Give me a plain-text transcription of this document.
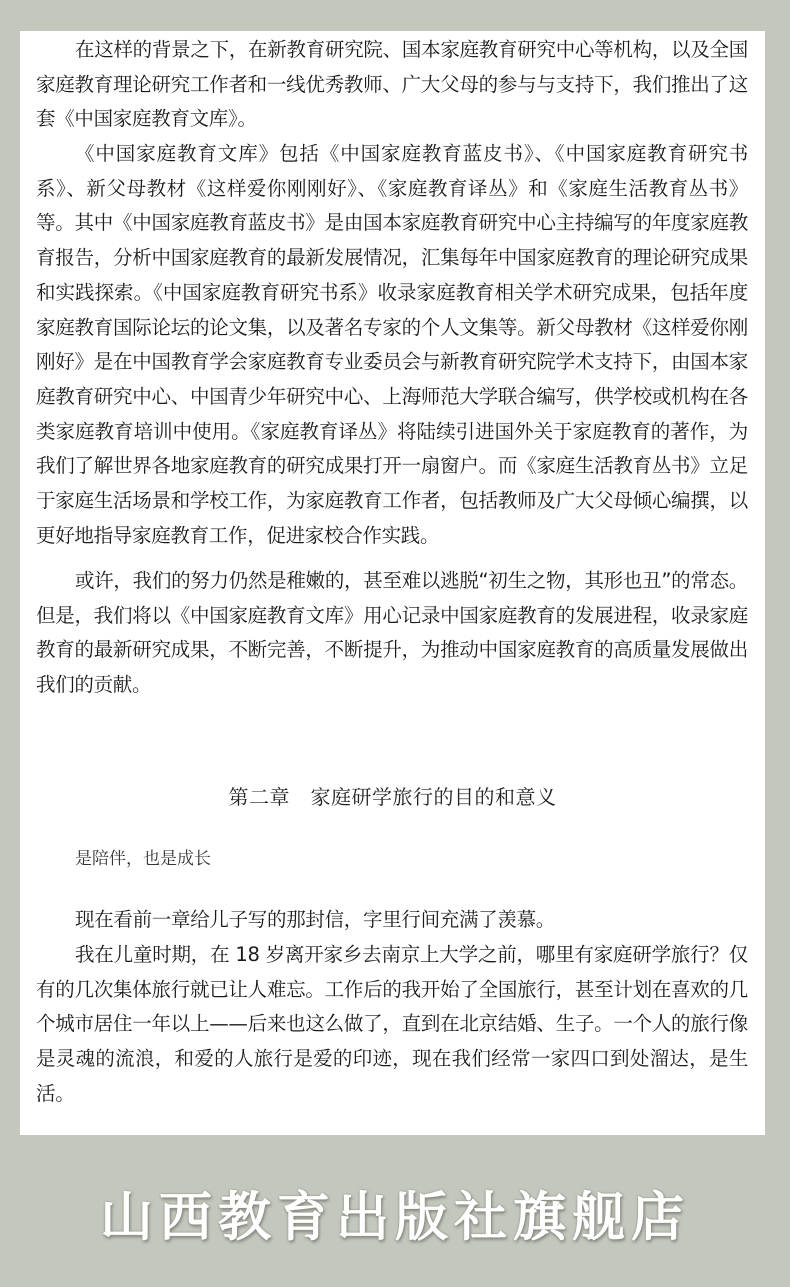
在这样的背景之下，在新教育研究院、国本家庭教育研究中心等机构，以及全国家庭教育理论研究工作者和一线优秀教师、广大父母的参与与支持下，我们推出了这套《中国家庭教育文库》。

《中国家庭教育文库》包括《中国家庭教育蓝皮书》、《中国家庭教育研究书系》、新父母教材《这样爱你刚刚好》、《家庭教育译丛》和《家庭生活教育丛书》等。其中《中国家庭教育蓝皮书》是由国本家庭教育研究中心主持编写的年度家庭教育报告，分析中国家庭教育的最新发展情况，汇集每年中国家庭教育的理论研究成果和实践探索。《中国家庭教育研究书系》收录家庭教育相关学术研究成果，包括年度家庭教育国际论坛的论文集，以及著名专家的个人文集等。新父母教材《这样爱你刚刚好》是在中国教育学会家庭教育专业委员会与新教育研究院学术支持下，由国本家庭教育研究中心、中国青少年研究中心、上海师范大学联合编写，供学校或机构在各类家庭教育培训中使用。《家庭教育译丛》将陆续引进国外关于家庭教育的著作，为我们了解世界各地家庭教育的研究成果打开一扇窗户。而《家庭生活教育丛书》立足于家庭生活场景和学校工作，为家庭教育工作者，包括教师及广大父母倾心编撰，以更好地指导家庭教育工作，促进家校合作实践。

或许，我们的努力仍然是稚嫩的，甚至难以逃脱“初生之物，其形也丑”的常态。但是，我们将以《中国家庭教育文库》用心记录中国家庭教育的发展进程，收录家庭教育的最新研究成果，不断完善，不断提升，为推动中国家庭教育的高质量发展做出我们的贡献。

第二章　家庭研学旅行的目的和意义
是陪伴，也是成长

现在看前一章给儿子写的那封信，字里行间充满了羡慕。

我在儿童时期，在 18 岁离开家乡去南京上大学之前，哪里有家庭研学旅行？仅有的几次集体旅行就已让人难忘。工作后的我开始了全国旅行，甚至计划在喜欢的几个城市居住一年以上——后来也这么做了，直到在北京结婚、生子。一个人的旅行像是灵魂的流浪，和爱的人旅行是爱的印迹，现在我们经常一家四口到处溜达，是生活。

山西教育出版社旗舰店
